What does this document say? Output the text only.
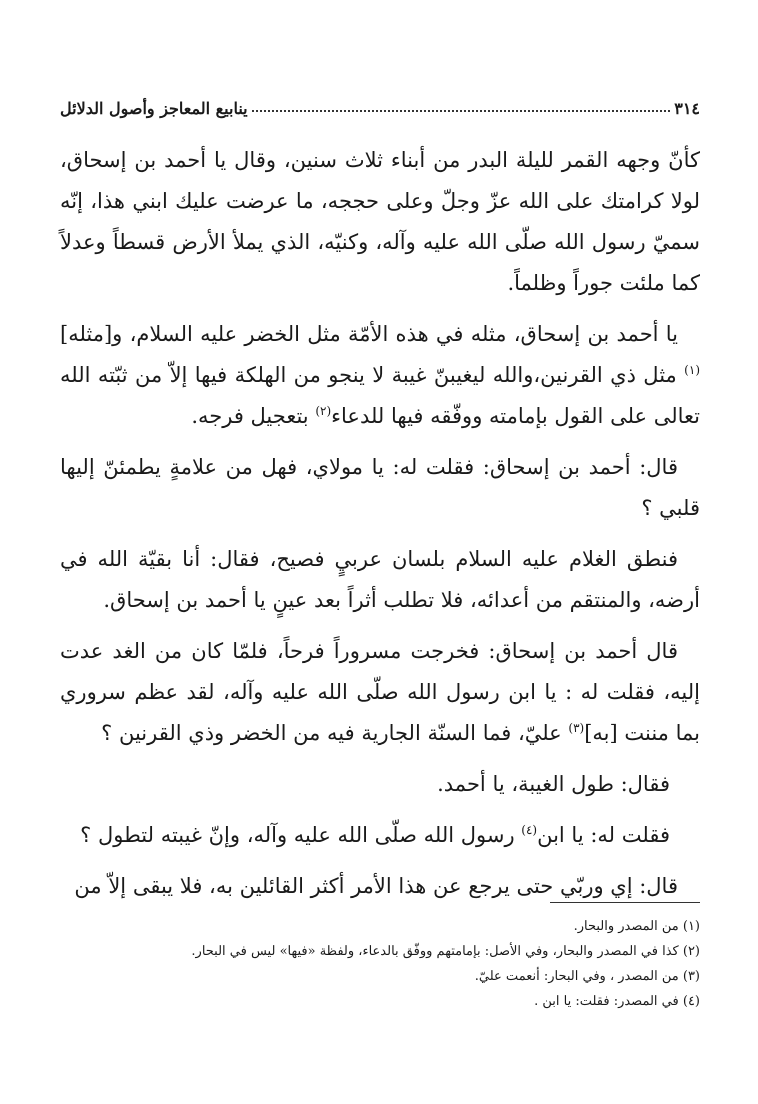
٣١٤
ينابيع المعاجز وأصول الدلائل

كأنّ وجهه القمر لليلة البدر من أبناء ثلاث سنين، وقال يا أحمد بن إسحاق، لولا كرامتك على الله عزّ وجلّ وعلى حججه، ما عرضت عليك ابني هذا، إنّه سميّ رسول الله صلّى الله عليه وآله، وكنيّه، الذي يملأ الأرض قسطاً وعدلاً كما ملئت جوراً وظلماً.

يا أحمد بن إسحاق، مثله في هذه الأمّة مثل الخضر عليه السلام، و[مثله]$^{(١)}$ مثل ذي القرنين،والله ليغيبنّ غيبة لا ينجو من الهلكة فيها إلاّ من ثبّته الله تعالى على القول بإمامته ووفّقه فيها للدعاء$^{(٢)}$ بتعجيل فرجه.

قال: أحمد بن إسحاق: فقلت له: يا مولاي، فهل من علامةٍ يطمئنّ إليها قلبي ؟

فنطق الغلام عليه السلام بلسان عربيٍ فصيح، فقال: أنا بقيّة الله في أرضه، والمنتقم من أعدائه، فلا تطلب أثراً بعد عينٍ يا أحمد بن إسحاق.

قال أحمد بن إسحاق: فخرجت مسروراً فرحاً، فلمّا كان من الغد عدت إليه، فقلت له : يا ابن رسول الله صلّى الله عليه وآله، لقد عظم سروري بما مننت [به]$^{(٣)}$ عليّ، فما السنّة الجارية فيه من الخضر وذي القرنين ؟

فقال: طول الغيبة، يا أحمد.

فقلت له: يا ابن$^{(٤)}$ رسول الله صلّى الله عليه وآله، وإنّ غيبته لتطول ؟

قال: إي وربّي حتى يرجع عن هذا الأمر أكثر القائلين به، فلا يبقى إلاّ من

(١) من المصدر والبحار.

(٢) كذا في المصدر والبحار، وفي الأصل: بإمامتهم ووفّق بالدعاء، ولفظة «فيها» ليس في البحار.

(٣) من المصدر ، وفي البحار: أنعمت عليّ.

(٤) في المصدر: فقلت: يا ابن .
